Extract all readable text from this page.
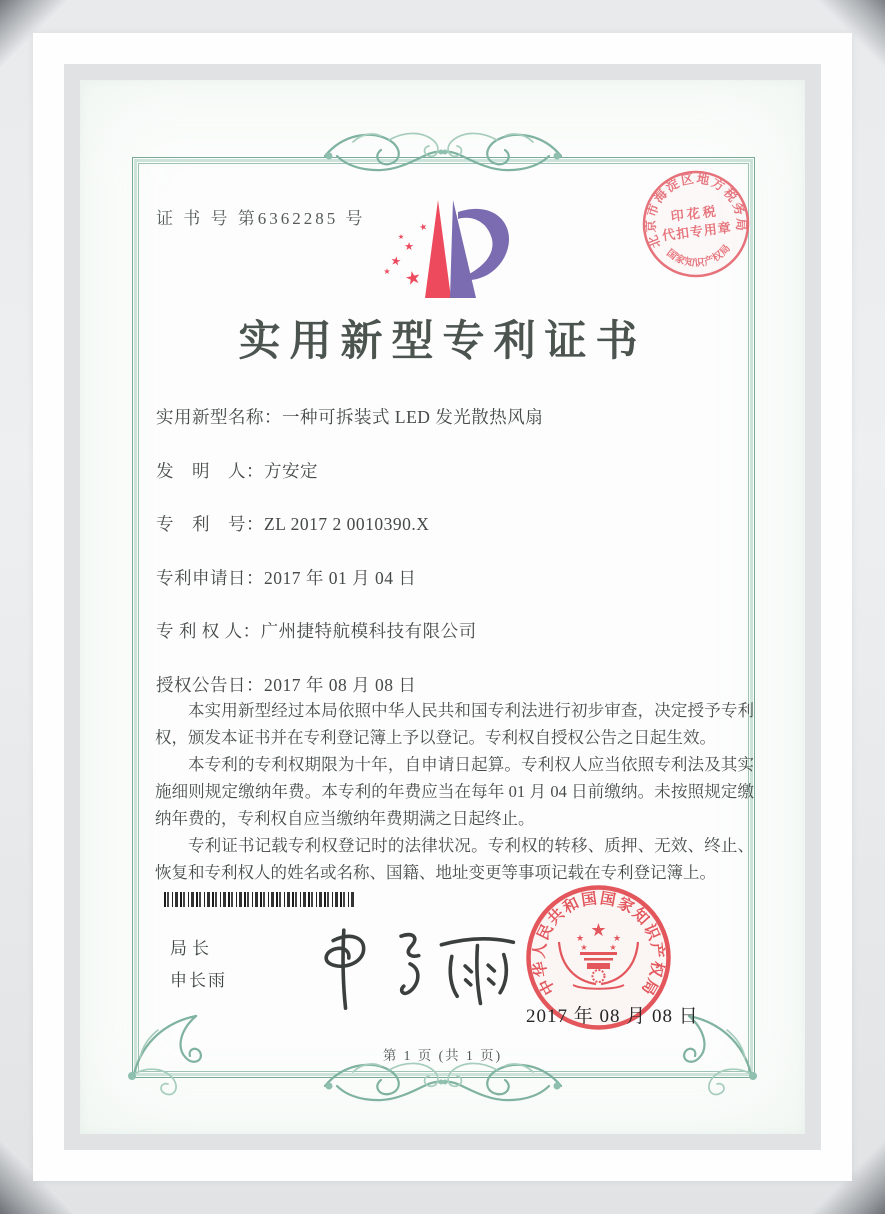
证 书 号 第6362285 号
★
★
★
★
★
★
北京市海淀区地方税务局
国家知识产权局
印花税
代扣专用章
实用新型专利证书
实用新型名称：一种可拆装式 LED 发光散热风扇
发　明　人：方安定
专　利　号：ZL 2017 2 0010390.X
专利申请日：2017 年 01 月 04 日
专 利 权 人：广州捷特航模科技有限公司
授权公告日：2017 年 08 月 08 日

本实用新型经过本局依照中华人民共和国专利法进行初步审查，决定授予专利权，颁发本证书并在专利登记簿上予以登记。专利权自授权公告之日起生效。

本专利的专利权期限为十年，自申请日起算。专利权人应当依照专利法及其实施细则规定缴纳年费。本专利的年费应当在每年 01 月 04 日前缴纳。未按照规定缴纳年费的，专利权自应当缴纳年费期满之日起终止。

专利证书记载专利权登记时的法律状况。专利权的转移、质押、无效、终止、恢复和专利权人的姓名或名称、国籍、地址变更等事项记载在专利登记簿上。

局长
申长雨	中华人民共和国国家知识产权局
★
★	★
★	★
2017 年 08 月 08 日
第 1 页 (共 1 页)
